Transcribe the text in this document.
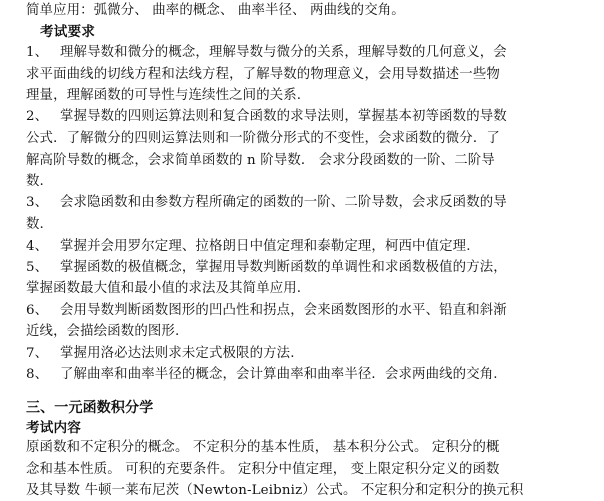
简单应用：弧微分、 曲率的概念、 曲率半径、 两曲线的交角。
考试要求
1、 理解导数和微分的概念，理解导数与微分的关系，理解导数的几何意义，会
求平面曲线的切线方程和法线方程，了解导数的物理意义，会用导数描述一些物
理量，理解函数的可导性与连续性之间的关系.
2、 掌握导数的四则运算法则和复合函数的求导法则，掌握基本初等函数的导数
公式．了解微分的四则运算法则和一阶微分形式的不变性，会求函数的微分．了
解高阶导数的概念，会求简单函数的 n 阶导数． 会求分段函数的一阶、二阶导
数.
3、 会求隐函数和由参数方程所确定的函数的一阶、二阶导数，会求反函数的导
数.
4、 掌握并会用罗尔定理、拉格朗日中值定理和泰勒定理，柯西中值定理.
5、 掌握函数的极值概念，掌握用导数判断函数的单调性和求函数极值的方法，
掌握函数最大值和最小值的求法及其简单应用.
6、 会用导数判断函数图形的凹凸性和拐点，会来函数图形的水平、铅直和斜渐
近线，会描绘函数的图形.
7、 掌握用洛必达法则求未定式极限的方法.
8、 了解曲率和曲率半径的概念，会计算曲率和曲率半径．会求两曲线的交角.
三、一元函数积分学
考试内容
原函数和不定积分的概念。 不定积分的基本性质， 基本积分公式。 定积分的概
念和基本性质。 可积的充要条件。 定积分中值定理， 变上限定积分定义的函数
及其导数 牛顿一莱布尼茨（Newton-Leibniz）公式。 不定积分和定积分的换元积
